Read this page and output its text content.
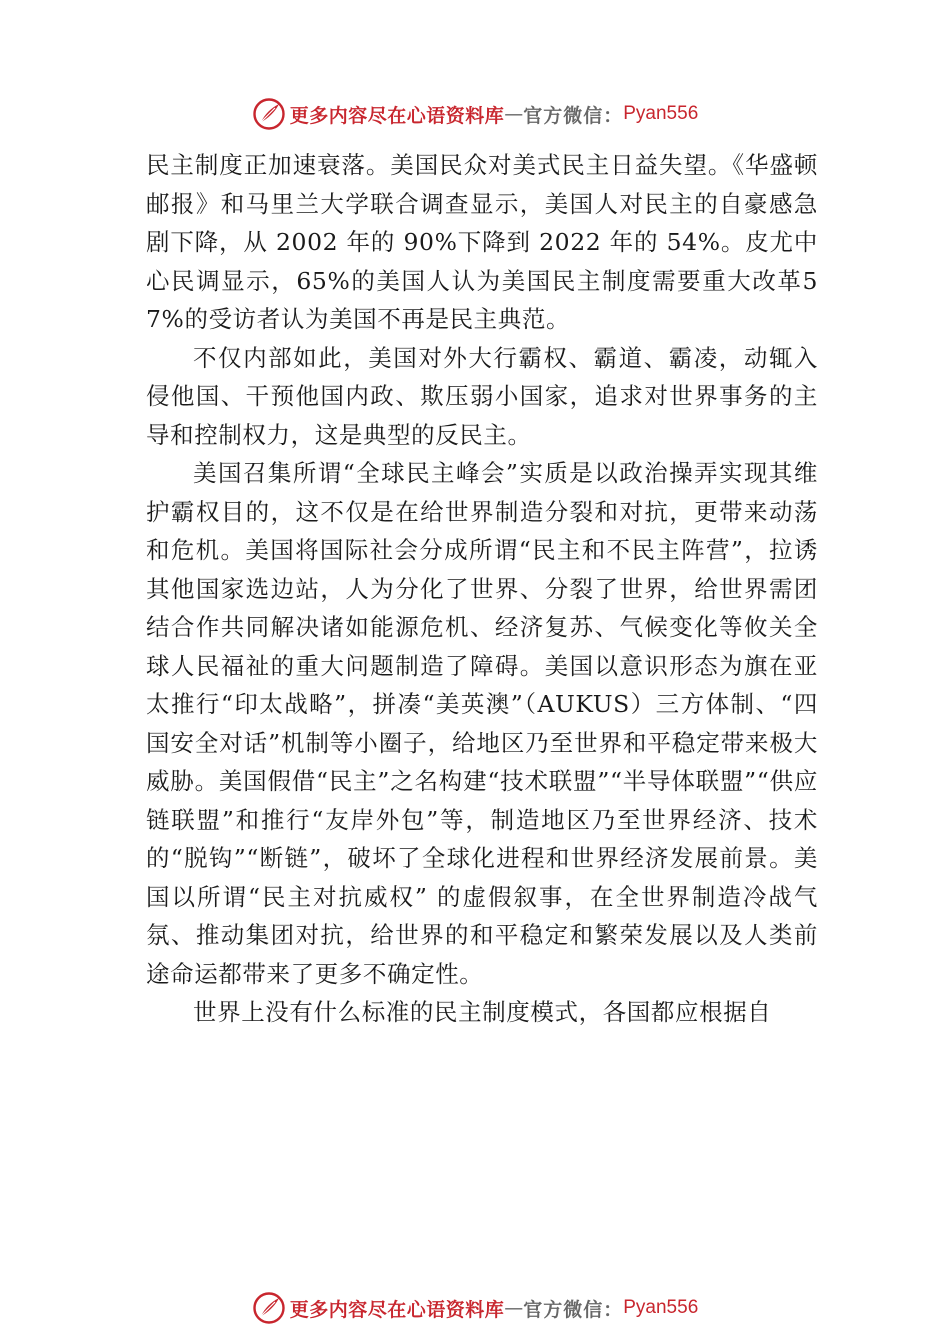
更多内容尽在心语资料库 — 官方微信： Pyan556

民主制度正加速衰落。美国民众对美式民主日益失望。《华盛顿邮报》和马里兰大学联合调查显示，美国人对民主的自豪感急剧下降，从 2002 年的 90%下降到 2022 年的 54%。皮尤中心民调显示，65%的美国人认为美国民主制度需要重大改革57%的受访者认为美国不再是民主典范。

不仅内部如此，美国对外大行霸权、霸道、霸凌，动辄入侵他国、干预他国内政、欺压弱小国家，追求对世界事务的主导和控制权力，这是典型的反民主。

美国召集所谓“全球民主峰会”实质是以政治操弄实现其维护霸权目的，这不仅是在给世界制造分裂和对抗，更带来动荡和危机。美国将国际社会分成所谓“民主和不民主阵营”，拉诱其他国家选边站，人为分化了世界、分裂了世界，给世界需团结合作共同解决诸如能源危机、经济复苏、气候变化等攸关全球人民福祉的重大问题制造了障碍。美国以意识形态为旗在亚太推行“印太战略”，拼凑“美英澳”（AUKUS）三方体制、“四国安全对话”机制等小圈子，给地区乃至世界和平稳定带来极大威胁。美国假借“民主”之名构建“技术联盟”“半导体联盟”“供应链联盟”和推行“友岸外包”等，制造地区乃至世界经济、技术的“脱钩”“断链”，破坏了全球化进程和世界经济发展前景。美国以所谓“民主对抗威权” 的虚假叙事，在全世界制造冷战气氛、推动集团对抗，给世界的和平稳定和繁荣发展以及人类前途命运都带来了更多不确定性。

世界上没有什么标准的民主制度模式，各国都应根据自

更多内容尽在心语资料库 — 官方微信： Pyan556
